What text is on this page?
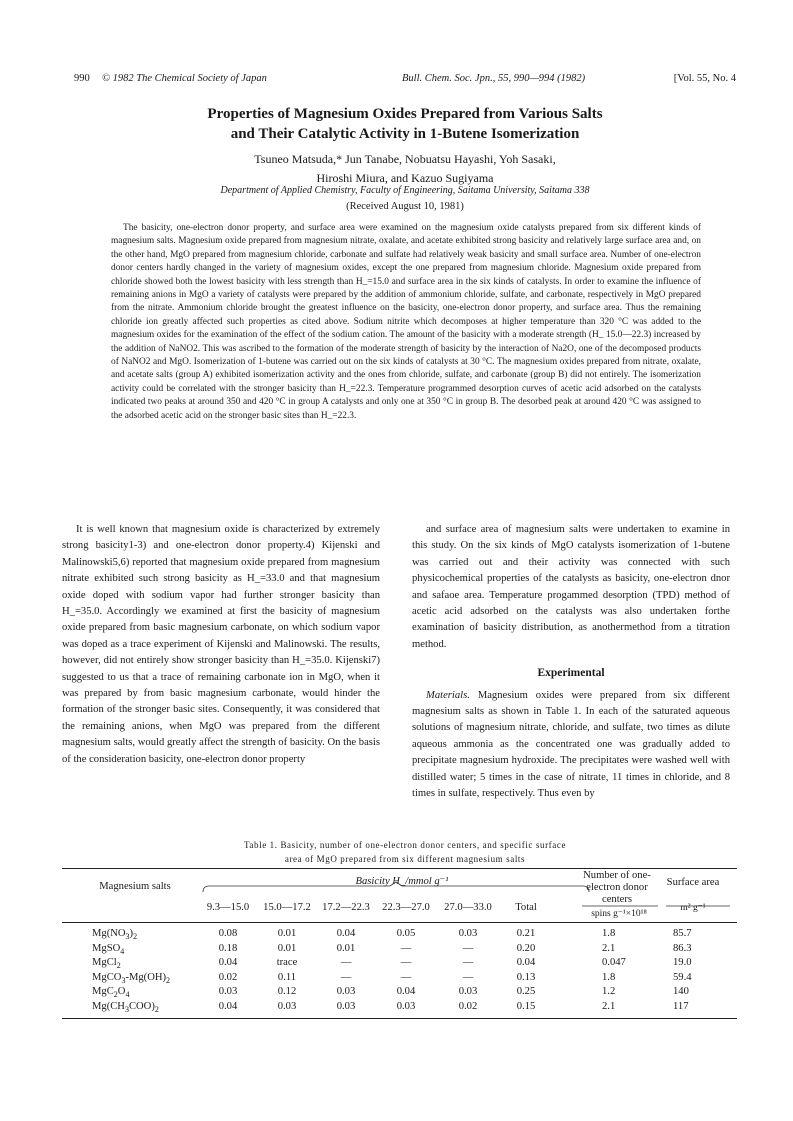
990 © 1982 The Chemical Society of Japan	Bull. Chem. Soc. Jpn., 55, 990—994 (1982)	[Vol. 55, No. 4
Properties of Magnesium Oxides Prepared from Various Salts
and Their Catalytic Activity in 1-Butene Isomerization
Tsuneo Matsuda,* Jun Tanabe, Nobuatsu Hayashi, Yoh Sasaki,
Hiroshi Miura, and Kazuo Sugiyama
Department of Applied Chemistry, Faculty of Engineering, Saitama University, Saitama 338
(Received August 10, 1981)

The basicity, one-electron donor property, and surface area were examined on the magnesium oxide catalysts prepared from six different kinds of magnesium salts. Magnesium oxide prepared from magnesium nitrate, oxalate, and acetate exhibited strong basicity and relatively large surface area and, on the other hand, MgO prepared from magnesium chloride, carbonate and sulfate had relatively weak basicity and small surface area. Number of one-electron donor centers hardly changed in the variety of magnesium oxides, except the one prepared from magnesium chloride. Magnesium oxide prepared from chloride showed both the lowest basicity with less strength than H_=15.0 and surface area in the six kinds of catalysts. In order to examine the influence of remaining anions in MgO a variety of catalysts were prepared by the addition of ammonium chloride, sulfate, and carbonate, respectively in MgO prepared from the nitrate. Ammonium chloride brought the greatest influence on the basicity, one-electron donor property, and surface area. Thus the remaining chloride ion greatly affected such properties as cited above. Sodium nitrite which decomposes at higher temperature than 320 °C was added to the magnesium oxides for the examination of the effect of the sodium cation. The amount of the basicity with a moderate strength (H_ 15.0—22.3) increased by the addition of NaNO2. This was ascribed to the formation of the moderate strength of basicity by the interaction of Na2O, one of the decomposed products of NaNO2 and MgO. Isomerization of 1-butene was carried out on the six kinds of catalysts at 30 °C. The magnesium oxides prepared from nitrate, oxalate, and acetate salts (group A) exhibited isomerization activity and the ones from chloride, sulfate, and carbonate (group B) did not entirely. The isomerization activity could be correlated with the stronger basicity than H_=22.3. Temperature programmed desorption curves of acetic acid adsorbed on the catalysts indicated two peaks at around 350 and 420 °C in group A catalysts and only one at 350 °C in group B. The desorbed peak at around 420 °C was assigned to the adsorbed acetic acid on the stronger basic sites than H_=22.3.

It is well known that magnesium oxide is characterized by extremely strong basicity1-3) and one-electron donor property.4) Kijenski and Malinowski5,6) reported that magnesium oxide prepared from magnesium nitrate exhibited such strong basicity as H_=33.0 and that magnesium oxide doped with sodium vapor had further stronger basicity than H_=35.0. Accordingly we examined at first the basicity of magnesium oxide prepared from basic magnesium carbonate, on which sodium vapor was doped as a trace experiment of Kijenski and Malinowski. The results, however, did not entirely show stronger basicity than H_=35.0. Kijenski7) suggested to us that a trace of remaining carbonate ion in MgO, when it was prepared by from basic magnesium carbonate, would hinder the formation of the stronger basic sites. Consequently, it was considered that the remaining anions, when MgO was prepared from the different magnesium salts, would greatly affect the strength of basicity. On the basis of the consideration basicity, one-electron donor property

and surface area of magnesium salts were undertaken to examine in this study. On the six kinds of MgO catalysts isomerization of 1-butene was carried out and their activity was connected with such physicochemical properties of the catalysts as basicity, one-electron dnor and safaoe area. Temperature progammed desorption (TPD) method of acetic acid adsorbed on the catalysts was also undertaken forthe examination of basicity distribution, as anothermethod from a titration method.

Experimental

Materials. Magnesium oxides were prepared from six different magnesium salts as shown in Table 1. In each of the saturated aqueous solutions of magnesium nitrate, chloride, and sulfate, two times as dilute aqueous ammonia as the concentrated one was gradually added to precipitate magnesium hydroxide. The precipitates were washed well with distilled water; 5 times in the case of nitrate, 11 times in chloride, and 8 times in sulfate, respectively. Thus even by

Table 1. Basicity, number of one-electron donor centers, and specific surface
area of MgO prepared from six different magnesium salts
Magnesium salts	Basicity H_/mmol g⁻¹
Number of one-electron donor centers
Surface area
m² g⁻¹
spins g⁻¹×10¹⁸
9.3—15.0	15.0—17.2	17.2—22.3	22.3—27.0	27.0—33.0	Total
$Mg(NO_3)_2$	0.08	0.01	0.04	0.05	0.03	0.21	1.8	85.7
MgSO$_4$	0.18	0.01	0.01	—	—	0.20	2.1	86.3
MgCl$_2$	0.04	trace	—	—	—	0.04	0.047	19.0
$MgCO_3-Mg(OH)_2$	0.02	0.11	—	—	—	0.13	1.8	59.4
$MgC_2O_4$	0.03	0.12	0.03	0.04	0.03	0.25	1.2	140
$Mg(CH_3COO)_2$	0.04	0.03	0.03	0.03	0.02	0.15	2.1	117
